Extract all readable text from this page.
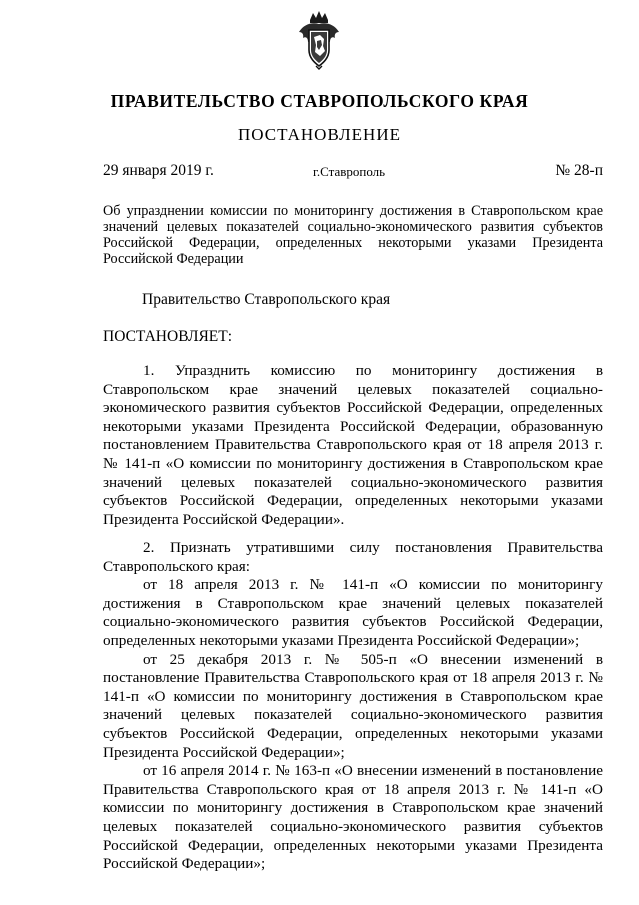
ПРАВИТЕЛЬСТВО СТАВРОПОЛЬСКОГО КРАЯ
ПОСТАНОВЛЕНИЕ
29 января 2019 г.	г.Ставрополь	№ 28-п
Об упразднении комиссии по мониторингу достижения в Ставропольском крае значений целевых показателей социально-экономического развития субъектов Российской Федерации, определенных некоторыми указами Президента Российской Федерации
Правительство Ставропольского края
ПОСТАНОВЛЯЕТ:

1. Упразднить комиссию по мониторингу достижения в Ставропольском крае значений целевых показателей социально-экономического развития субъектов Российской Федерации, определенных некоторыми указами Президента Российской Федерации, образованную постановлением Правительства Ставропольского края от 18 апреля 2013 г. № 141-п «О комиссии по мониторингу достижения в Ставропольском крае значений целевых показателей социально-экономического развития субъектов Российской Федерации, определенных некоторыми указами Президента Российской Федерации».

2. Признать утратившими силу постановления Правительства Ставропольского края:

от 18 апреля 2013 г. № 141-п «О комиссии по мониторингу достижения в Ставропольском крае значений целевых показателей социально-экономического развития субъектов Российской Федерации, определенных некоторыми указами Президента Российской Федерации»;
от 25 декабря 2013 г. № 505-п «О внесении изменений в постановление Правительства Ставропольского края от 18 апреля 2013 г. № 141-п «О комиссии по мониторингу достижения в Ставропольском крае значений целевых показателей социально-экономического развития субъектов Российской Федерации, определенных некоторыми указами Президента Российской Федерации»;
от 16 апреля 2014 г. № 163-п «О внесении изменений в постановление Правительства Ставропольского края от 18 апреля 2013 г. № 141-п «О комиссии по мониторингу достижения в Ставропольском крае значений целевых показателей социально-экономического развития субъектов Российской Федерации, определенных некоторыми указами Президента Российской Федерации»;
